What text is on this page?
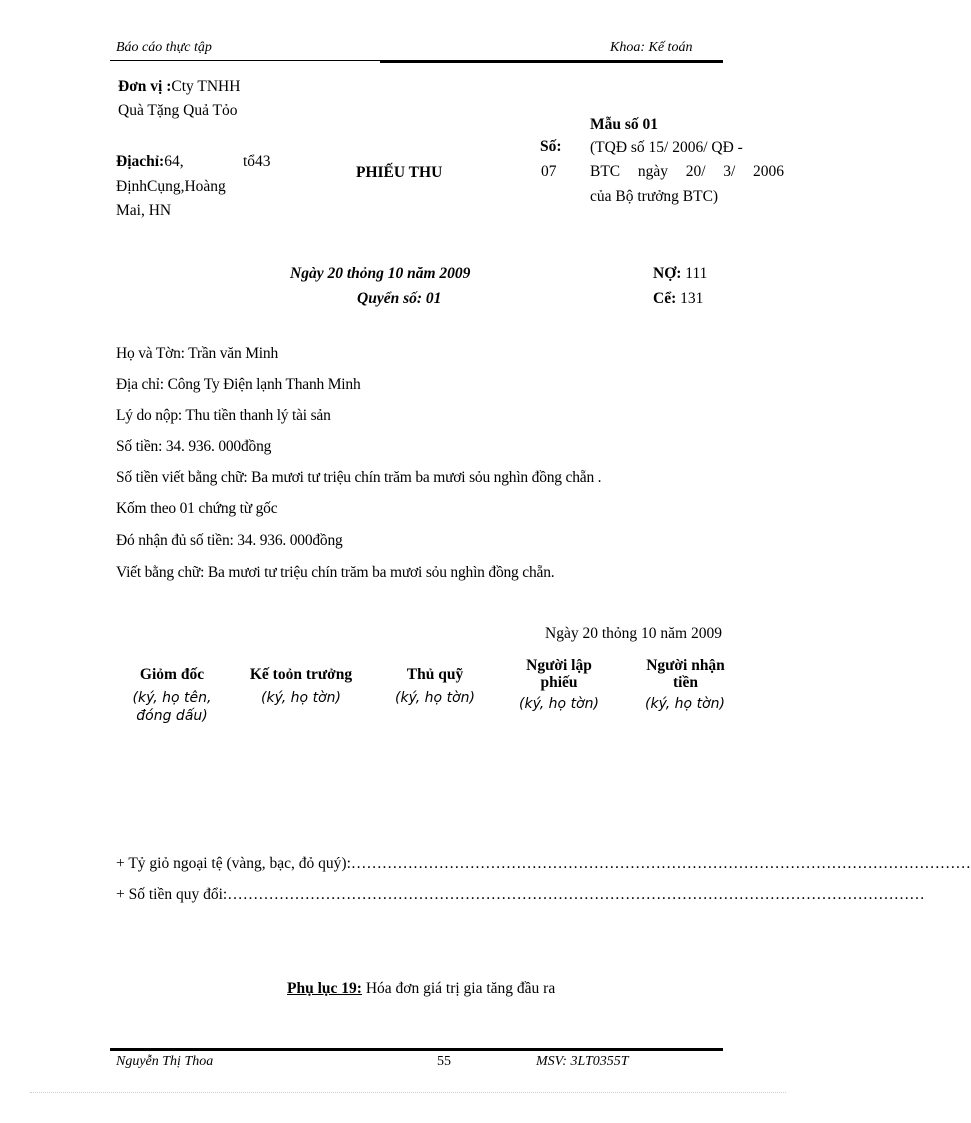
Báo cáo thực tập	Khoa: Kế toán
Đơn vị :Cty TNHH
Quà Tặng Quả Tỏo
Địachỉ:64,	tổ43
ĐịnhCụng,Hoàng
Mai, HN
PHIẾU THU
Số:
07
Mẫu số 01
(TQĐ số 15/ 2006/ QĐ -
BTC ngày 20/ 3/ 2006
của Bộ trưởng BTC)
Ngày 20 thỏng 10 năm 2009
Quyển số: 01
NỢ: 111
Cể: 131
Họ và Tờn: Trần văn Minh
Địa chỉ: Công Ty Điện lạnh Thanh Minh
Lý do nộp: Thu tiền thanh lý tài sản
Số tiền: 34. 936. 000đồng
Số tiền viết bằng chữ: Ba mươi tư triệu chín trăm ba mươi sỏu nghìn đồng chẵn .
Kốm theo 01 chứng từ gốc
Đó nhận đủ số tiền: 34. 936. 000đồng
Viết bằng chữ: Ba mươi tư triệu chín trăm ba mươi sỏu nghìn đồng chẵn.
Ngày 20 thỏng 10 năm 2009
Giỏm đốc
(ký, họ tên, đóng dấu)
Kế toỏn trưởng
(ký, họ tờn)
Thủ quỹ
(ký, họ tờn)
Người lập phiếu
(ký, họ tờn)
Người nhận tiền
(ký, họ tờn)
+ Tỷ giỏ ngoại tệ (vàng, bạc, đỏ quý):…………………………………………………………………………………………………………
+ Số tiền quy đổi:………………………………………………………………………………………………………………………
Phụ lục 19: Hóa đơn giá trị gia tăng đầu ra
Nguyễn Thị Thoa	55	MSV: 3LT0355T
